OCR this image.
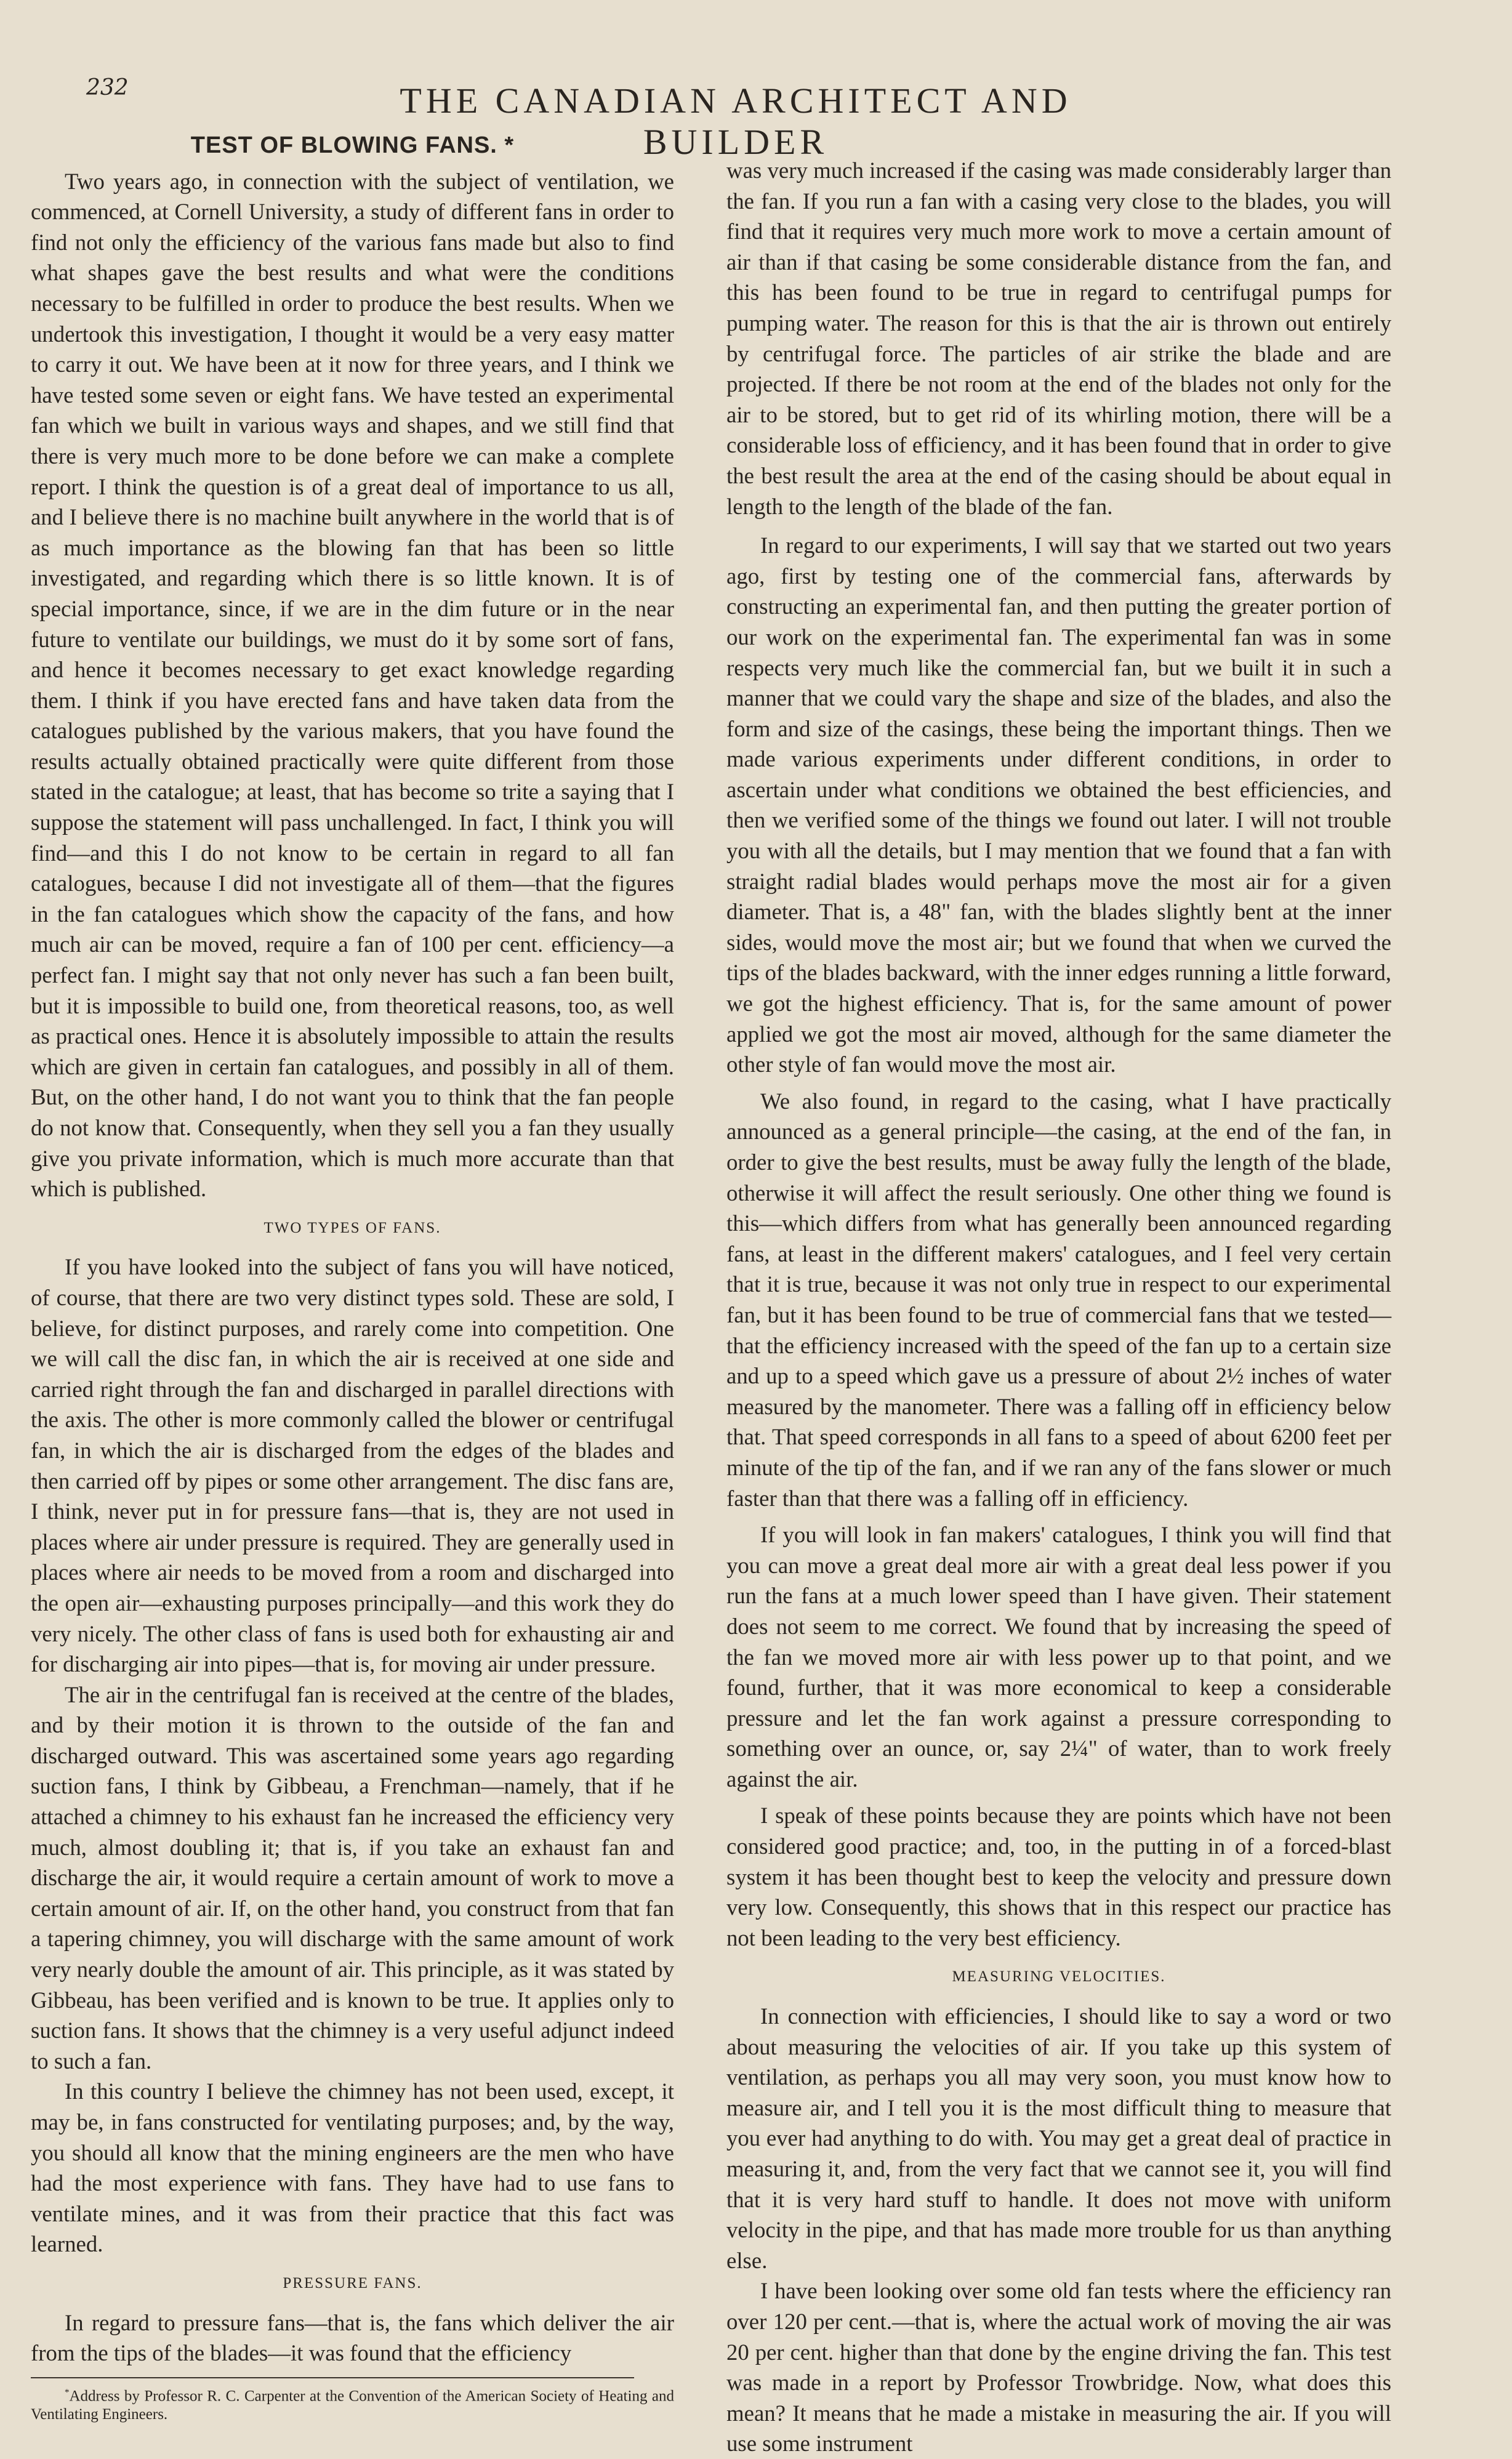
232	THE CANADIAN ARCHITECT AND BUILDER
TEST OF BLOWING FANS. *

Two years ago, in connection with the subject of ventilation, we commenced, at Cornell University, a study of different fans in order to find not only the efficiency of the various fans made but also to find what shapes gave the best results and what were the conditions necessary to be fulfilled in order to produce the best results. When we undertook this investigation, I thought it would be a very easy matter to carry it out. We have been at it now for three years, and I think we have tested some seven or eight fans. We have tested an experimental fan which we built in various ways and shapes, and we still find that there is very much more to be done before we can make a complete report. I think the question is of a great deal of importance to us all, and I believe there is no machine built anywhere in the world that is of as much importance as the blowing fan that has been so little investigated, and regarding which there is so little known. It is of special importance, since, if we are in the dim future or in the near future to ventilate our buildings, we must do it by some sort of fans, and hence it becomes necessary to get exact knowledge regarding them. I think if you have erected fans and have taken data from the catalogues published by the various makers, that you have found the results actually obtained practically were quite different from those stated in the catalogue; at least, that has become so trite a saying that I suppose the statement will pass unchallenged. In fact, I think you will find—and this I do not know to be certain in regard to all fan catalogues, because I did not investigate all of them—that the figures in the fan catalogues which show the capacity of the fans, and how much air can be moved, require a fan of 100 per cent. efficiency—a perfect fan. I might say that not only never has such a fan been built, but it is impossible to build one, from theoretical reasons, too, as well as practical ones. Hence it is absolutely impossible to attain the results which are given in certain fan catalogues, and possibly in all of them. But, on the other hand, I do not want you to think that the fan people do not know that. Consequently, when they sell you a fan they usually give you private information, which is much more accurate than that which is published.

TWO TYPES OF FANS.

If you have looked into the subject of fans you will have noticed, of course, that there are two very distinct types sold. These are sold, I believe, for distinct purposes, and rarely come into competition. One we will call the disc fan, in which the air is received at one side and carried right through the fan and discharged in parallel directions with the axis. The other is more commonly called the blower or centrifugal fan, in which the air is discharged from the edges of the blades and then carried off by pipes or some other arrangement. The disc fans are, I think, never put in for pressure fans—that is, they are not used in places where air under pressure is required. They are generally used in places where air needs to be moved from a room and discharged into the open air—exhausting purposes principally—and this work they do very nicely. The other class of fans is used both for exhausting air and for discharging air into pipes—that is, for moving air under pressure.

The air in the centrifugal fan is received at the centre of the blades, and by their motion it is thrown to the outside of the fan and discharged outward. This was ascertained some years ago regarding suction fans, I think by Gibbeau, a Frenchman—namely, that if he attached a chimney to his exhaust fan he increased the efficiency very much, almost doubling it; that is, if you take an exhaust fan and discharge the air, it would require a certain amount of work to move a certain amount of air. If, on the other hand, you construct from that fan a tapering chimney, you will discharge with the same amount of work very nearly double the amount of air. This principle, as it was stated by Gibbeau, has been verified and is known to be true. It applies only to suction fans. It shows that the chimney is a very useful adjunct indeed to such a fan.

In this country I believe the chimney has not been used, except, it may be, in fans constructed for ventilating purposes; and, by the way, you should all know that the mining engineers are the men who have had the most experience with fans. They have had to use fans to ventilate mines, and it was from their practice that this fact was learned.

PRESSURE FANS.

In regard to pressure fans—that is, the fans which deliver the air from the tips of the blades—it was found that the efficiency

*Address by Professor R. C. Carpenter at the Convention of the American Society of Heating and Ventilating Engineers.

was very much increased if the casing was made considerably larger than the fan. If you run a fan with a casing very close to the blades, you will find that it requires very much more work to move a certain amount of air than if that casing be some considerable distance from the fan, and this has been found to be true in regard to centrifugal pumps for pumping water. The reason for this is that the air is thrown out entirely by centrifugal force. The particles of air strike the blade and are projected. If there be not room at the end of the blades not only for the air to be stored, but to get rid of its whirling motion, there will be a considerable loss of efficiency, and it has been found that in order to give the best result the area at the end of the casing should be about equal in length to the length of the blade of the fan.

In regard to our experiments, I will say that we started out two years ago, first by testing one of the commercial fans, afterwards by constructing an experimental fan, and then putting the greater portion of our work on the experimental fan. The experimental fan was in some respects very much like the commercial fan, but we built it in such a manner that we could vary the shape and size of the blades, and also the form and size of the casings, these being the important things. Then we made various experiments under different conditions, in order to ascertain under what conditions we obtained the best efficiencies, and then we verified some of the things we found out later. I will not trouble you with all the details, but I may mention that we found that a fan with straight radial blades would perhaps move the most air for a given diameter. That is, a 48" fan, with the blades slightly bent at the inner sides, would move the most air; but we found that when we curved the tips of the blades backward, with the inner edges running a little forward, we got the highest efficiency. That is, for the same amount of power applied we got the most air moved, although for the same diameter the other style of fan would move the most air.

We also found, in regard to the casing, what I have practically announced as a general principle—the casing, at the end of the fan, in order to give the best results, must be away fully the length of the blade, otherwise it will affect the result seriously. One other thing we found is this—which differs from what has generally been announced regarding fans, at least in the different makers' catalogues, and I feel very certain that it is true, because it was not only true in respect to our experimental fan, but it has been found to be true of commercial fans that we tested—that the efficiency increased with the speed of the fan up to a certain size and up to a speed which gave us a pressure of about 2½ inches of water measured by the manometer. There was a falling off in efficiency below that. That speed corresponds in all fans to a speed of about 6200 feet per minute of the tip of the fan, and if we ran any of the fans slower or much faster than that there was a falling off in efficiency.

If you will look in fan makers' catalogues, I think you will find that you can move a great deal more air with a great deal less power if you run the fans at a much lower speed than I have given. Their statement does not seem to me correct. We found that by increasing the speed of the fan we moved more air with less power up to that point, and we found, further, that it was more economical to keep a considerable pressure and let the fan work against a pressure corresponding to something over an ounce, or, say 2¼" of water, than to work freely against the air.

I speak of these points because they are points which have not been considered good practice; and, too, in the putting in of a forced-blast system it has been thought best to keep the velocity and pressure down very low. Consequently, this shows that in this respect our practice has not been leading to the very best efficiency.

MEASURING VELOCITIES.

In connection with efficiencies, I should like to say a word or two about measuring the velocities of air. If you take up this system of ventilation, as perhaps you all may very soon, you must know how to measure air, and I tell you it is the most difficult thing to measure that you ever had anything to do with. You may get a great deal of practice in measuring it, and, from the very fact that we cannot see it, you will find that it is very hard stuff to handle. It does not move with uniform velocity in the pipe, and that has made more trouble for us than anything else.

I have been looking over some old fan tests where the efficiency ran over 120 per cent.—that is, where the actual work of moving the air was 20 per cent. higher than that done by the engine driving the fan. This test was made in a report by Professor Trowbridge. Now, what does this mean? It means that he made a mistake in measuring the air. If you will use some instrument
